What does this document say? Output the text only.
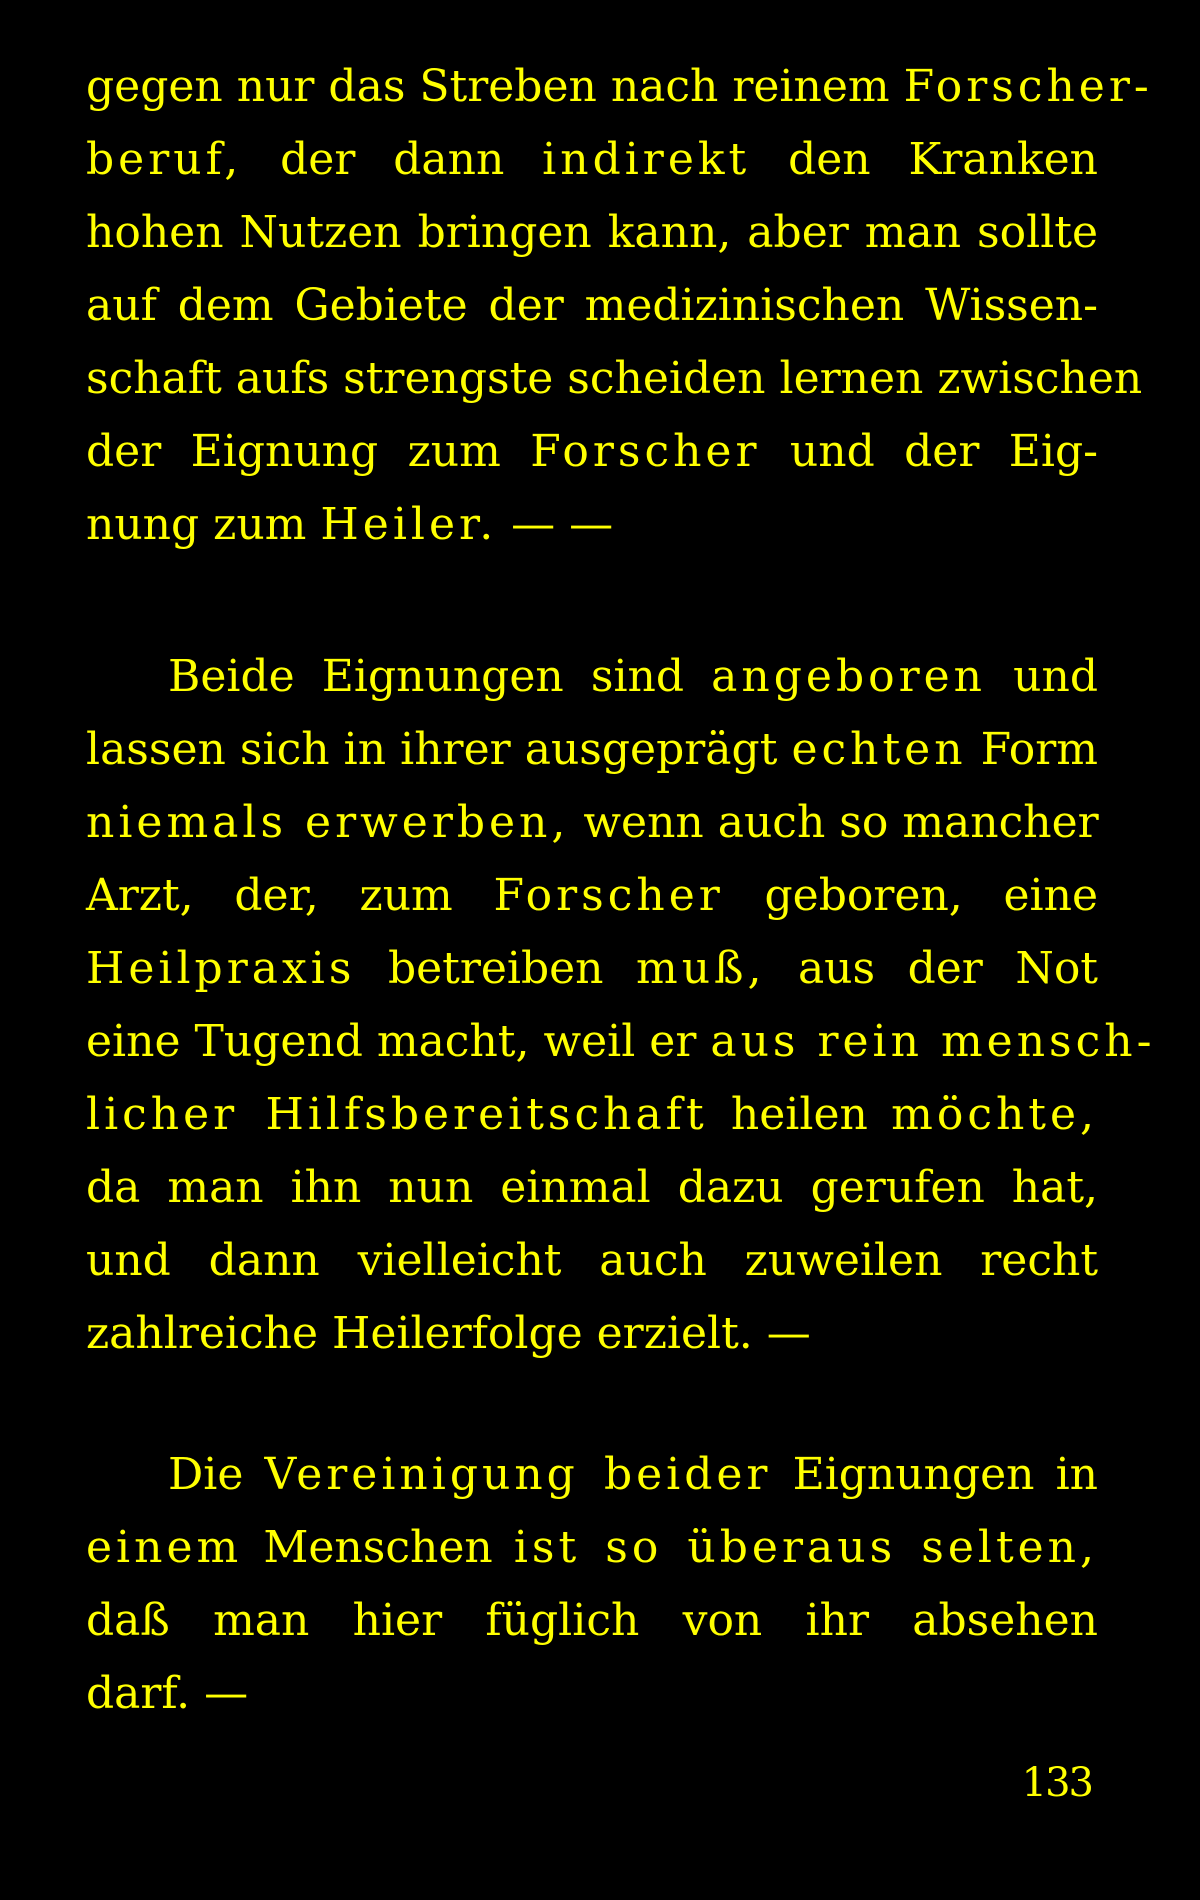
gegen nur das Streben nach reinem Forscher-
beruf, der dann indirekt den Kranken
hohen Nutzen bringen kann, aber man sollte
auf dem Gebiete der medizinischen Wissen-
schaft aufs strengste scheiden lernen zwischen
der Eignung zum Forscher und der Eig-
nung zum Heiler. — —
Beide Eignungen sind angeboren und
lassen sich in ihrer ausgeprägt echten Form
niemals erwerben, wenn auch so mancher
Arzt, der, zum Forscher geboren, eine
Heilpraxis betreiben muß, aus der Not
eine Tugend macht, weil er aus rein mensch-
licher Hilfsbereitschaft heilen möchte,
da man ihn nun einmal dazu gerufen hat,
und dann vielleicht auch zuweilen recht
zahlreiche Heilerfolge erzielt. —
Die Vereinigung beider Eignungen in
einem Menschen ist so überaus selten,
daß man hier füglich von ihr absehen
darf. —
133
